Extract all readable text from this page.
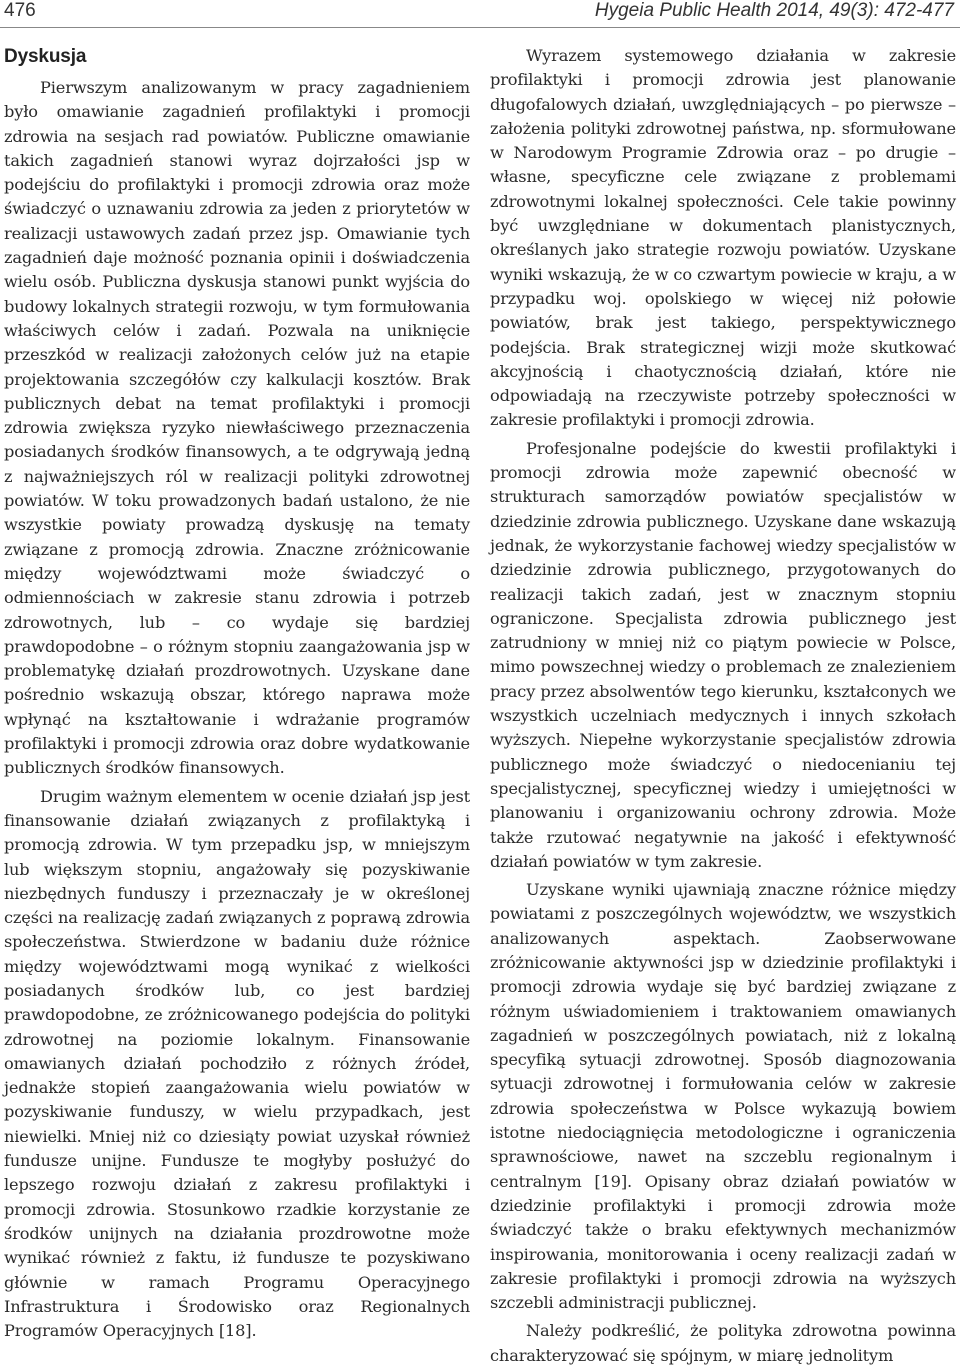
476	Hygeia Public Health 2014, 49(3): 472-477
Dyskusja

Pierwszym analizowanym w pracy zagadnieniem było omawianie zagadnień profilaktyki i promocji zdrowia na sesjach rad powiatów. Publiczne omawianie takich zagadnień stanowi wyraz dojrzałości jsp w podejściu do profilaktyki i promocji zdrowia oraz może świadczyć o uznawaniu zdrowia za jeden z priorytetów w realizacji ustawowych zadań przez jsp. Omawianie tych zagadnień daje możność poznania opinii i doświadczenia wielu osób. Publiczna dyskusja stanowi punkt wyjścia do budowy lokalnych strategii rozwoju, w tym formułowania właściwych celów i zadań. Pozwala na uniknięcie przeszkód w realizacji założonych celów już na etapie projektowania szczegółów czy kalkulacji kosztów. Brak publicznych debat na temat profilaktyki i promocji zdrowia zwiększa ryzyko niewłaściwego przeznaczenia posiadanych środków finansowych, a te odgrywają jedną z najważniejszych ról w realizacji polityki zdrowotnej powiatów. W toku prowadzonych badań ustalono, że nie wszystkie powiaty prowadzą dyskusję na tematy związane z promocją zdrowia. Znaczne zróżnicowanie między województwami może świadczyć o odmiennościach w zakresie stanu zdrowia i potrzeb zdrowotnych, lub – co wydaje się bardziej prawdopodobne – o różnym stopniu zaangażowania jsp w problematykę działań prozdrowotnych. Uzyskane dane pośrednio wskazują obszar, którego naprawa może wpłynąć na kształtowanie i wdrażanie programów profilaktyki i promocji zdrowia oraz dobre wydatkowanie publicznych środków finansowych.

Drugim ważnym elementem w ocenie działań jsp jest finansowanie działań związanych z profilaktyką i promocją zdrowia. W tym przepadku jsp, w mniejszym lub większym stopniu, angażowały się pozyskiwanie niezbędnych funduszy i przeznaczały je w określonej części na realizację zadań związanych z poprawą zdrowia społeczeństwa. Stwierdzone w badaniu duże różnice między województwami mogą wynikać z wielkości posiadanych środków lub, co jest bardziej prawdopodobne, ze zróżnicowanego podejścia do polityki zdrowotnej na poziomie lokalnym. Finansowanie omawianych działań pochodziło z różnych źródeł, jednakże stopień zaangażowania wielu powiatów w pozyskiwanie funduszy, w wielu przypadkach, jest niewielki. Mniej niż co dziesiąty powiat uzyskał również fundusze unijne. Fundusze te mogłyby posłużyć do lepszego rozwoju działań z zakresu profilaktyki i promocji zdrowia. Stosunkowo rzadkie korzystanie ze środków unijnych na działania prozdrowotne może wynikać również z faktu, iż fundusze te pozyskiwano głównie w ramach Programu Operacyjnego Infrastruktura i Środowisko oraz Regionalnych Programów Operacyjnych [18].

Wyrazem systemowego działania w zakresie profilaktyki i promocji zdrowia jest planowanie długofalowych działań, uwzględniających – po pierwsze – założenia polityki zdrowotnej państwa, np. sformułowane w Narodowym Programie Zdrowia oraz – po drugie – własne, specyficzne cele związane z problemami zdrowotnymi lokalnej społeczności. Cele takie powinny być uwzględniane w dokumentach planistycznych, określanych jako strategie rozwoju powiatów. Uzyskane wyniki wskazują, że w co czwartym powiecie w kraju, a w przypadku woj. opolskiego w więcej niż połowie powiatów, brak jest takiego, perspektywicznego podejścia. Brak strategicznej wizji może skutkować akcyjnością i chaotycznością działań, które nie odpowiadają na rzeczywiste potrzeby społeczności w zakresie profilaktyki i promocji zdrowia.

Profesjonalne podejście do kwestii profilaktyki i promocji zdrowia może zapewnić obecność w strukturach samorządów powiatów specjalistów w dziedzinie zdrowia publicznego. Uzyskane dane wskazują jednak, że wykorzystanie fachowej wiedzy specjalistów w dziedzinie zdrowia publicznego, przygotowanych do realizacji takich zadań, jest w znacznym stopniu ograniczone. Specjalista zdrowia publicznego jest zatrudniony w mniej niż co piątym powiecie w Polsce, mimo powszechnej wiedzy o problemach ze znalezieniem pracy przez absolwentów tego kierunku, kształconych we wszystkich uczelniach medycznych i innych szkołach wyższych. Niepełne wykorzystanie specjalistów zdrowia publicznego może świadczyć o niedocenianiu tej specjalistycznej, specyficznej wiedzy i umiejętności w planowaniu i organizowaniu ochrony zdrowia. Może także rzutować negatywnie na jakość i efektywność działań powiatów w tym zakresie.

Uzyskane wyniki ujawniają znaczne różnice między powiatami z poszczególnych województw, we wszystkich analizowanych aspektach. Zaobserwowane zróżnicowanie aktywności jsp w dziedzinie profilaktyki i promocji zdrowia wydaje się być bardziej związane z różnym uświadomieniem i traktowaniem omawianych zagadnień w poszczególnych powiatach, niż z lokalną specyfiką sytuacji zdrowotnej. Sposób diagnozowania sytuacji zdrowotnej i formułowania celów w zakresie zdrowia społeczeństwa w Polsce wykazują bowiem istotne niedociągnięcia metodologiczne i ograniczenia sprawnościowe, nawet na szczeblu regionalnym i centralnym [19]. Opisany obraz działań powiatów w dziedzinie profilaktyki i promocji zdrowia może świadczyć także o braku efektywnych mechanizmów inspirowania, monitorowania i oceny realizacji zadań w zakresie profilaktyki i promocji zdrowia na wyższych szczebli administracji publicznej.

Należy podkreślić, że polityka zdrowotna powinna charakteryzować się spójnym, w miarę jednolitym
